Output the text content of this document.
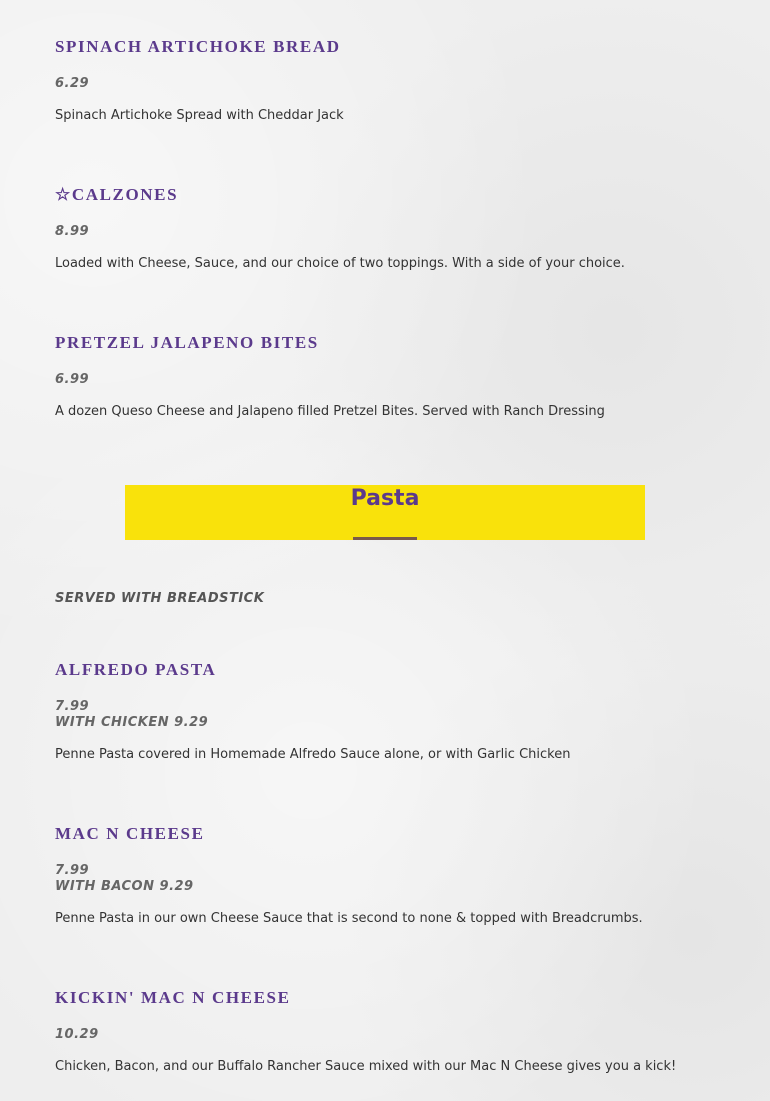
SPINACH ARTICHOKE BREAD
6.29
Spinach Artichoke Spread with Cheddar Jack
☆CALZONES
8.99
Loaded with Cheese, Sauce, and our choice of two toppings. With a side of your choice.
PRETZEL JALAPENO BITES
6.99
A dozen Queso Cheese and Jalapeno filled Pretzel Bites. Served with Ranch Dressing
Pasta
SERVED WITH BREADSTICK
ALFREDO PASTA
7.99
WITH CHICKEN 9.29
Penne Pasta covered in Homemade Alfredo Sauce alone, or with Garlic Chicken
MAC N CHEESE
7.99
WITH BACON 9.29
Penne Pasta in our own Cheese Sauce that is second to none & topped with Breadcrumbs.
KICKIN' MAC N CHEESE
10.29
Chicken, Bacon, and our Buffalo Rancher Sauce mixed with our Mac N Cheese gives you a kick!
